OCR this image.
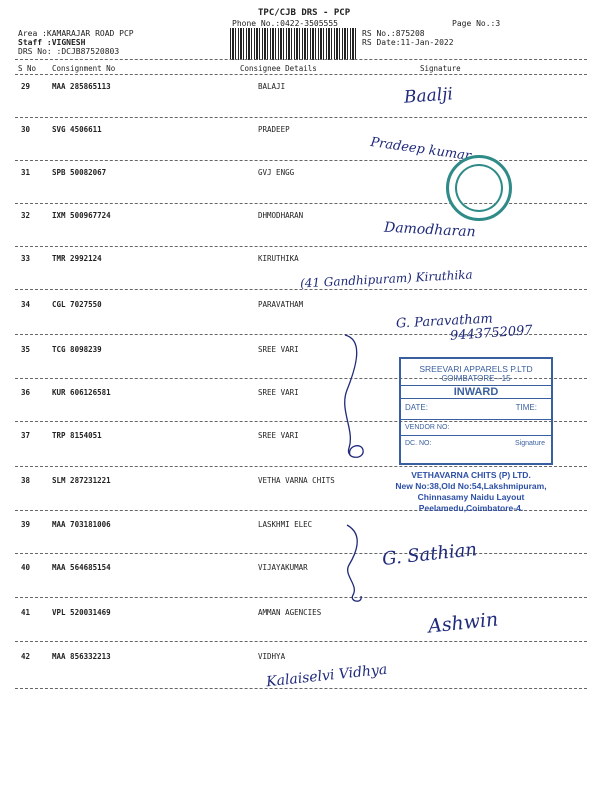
TPC/CJB DRS - PCP
Phone No.:0422-3505555	Page No.:3
Area :KAMARAJAR ROAD PCP
Staff :VIGNESH
DRS No: :DCJB87520803
RS No.:875208
RS Date:11-Jan-2022
S No Consignment No	Consignee Details	Signature
29	MAA 285865113	BALAJI
30	SVG 4506611	PRADEEP
31	SPB 50082067	GVJ ENGG
32	IXM 500967724	DHMODHARAN
33	TMR 2992124	KIRUTHIKA
34	CGL 7027550	PARAVATHAM
35	TCG 8098239	SREE VARI
36	KUR 606126581	SREE VARI
37	TRP 8154051	SREE VARI
38	SLM 287231221	VETHA VARNA CHITS
39	MAA 703181006	LASKHMI ELEC
40	MAA 564685154	VIJAYAKUMAR
41	VPL 520031469	AMMAN AGENCIES
42	MAA 856332213	VIDHYA
Baalji
Pradeep kumar
Damodharan
(41 Gandhipuram) Kiruthika
G. Paravatham
9443752097
SREEVARI APPARELS P.LTD
COIMBATORE - 15
INWARD
DATE:	TIME:
VENDOR NO:
DC. NO:	Signature
VETHAVARNA CHITS (P) LTD.
New No:38,Old No:54,Lakshmipuram,
Chinnasamy Naidu Layout
Peelamedu,Coimbatore-4.
G. Sathian
Ashwin
Kalaiselvi Vidhya
